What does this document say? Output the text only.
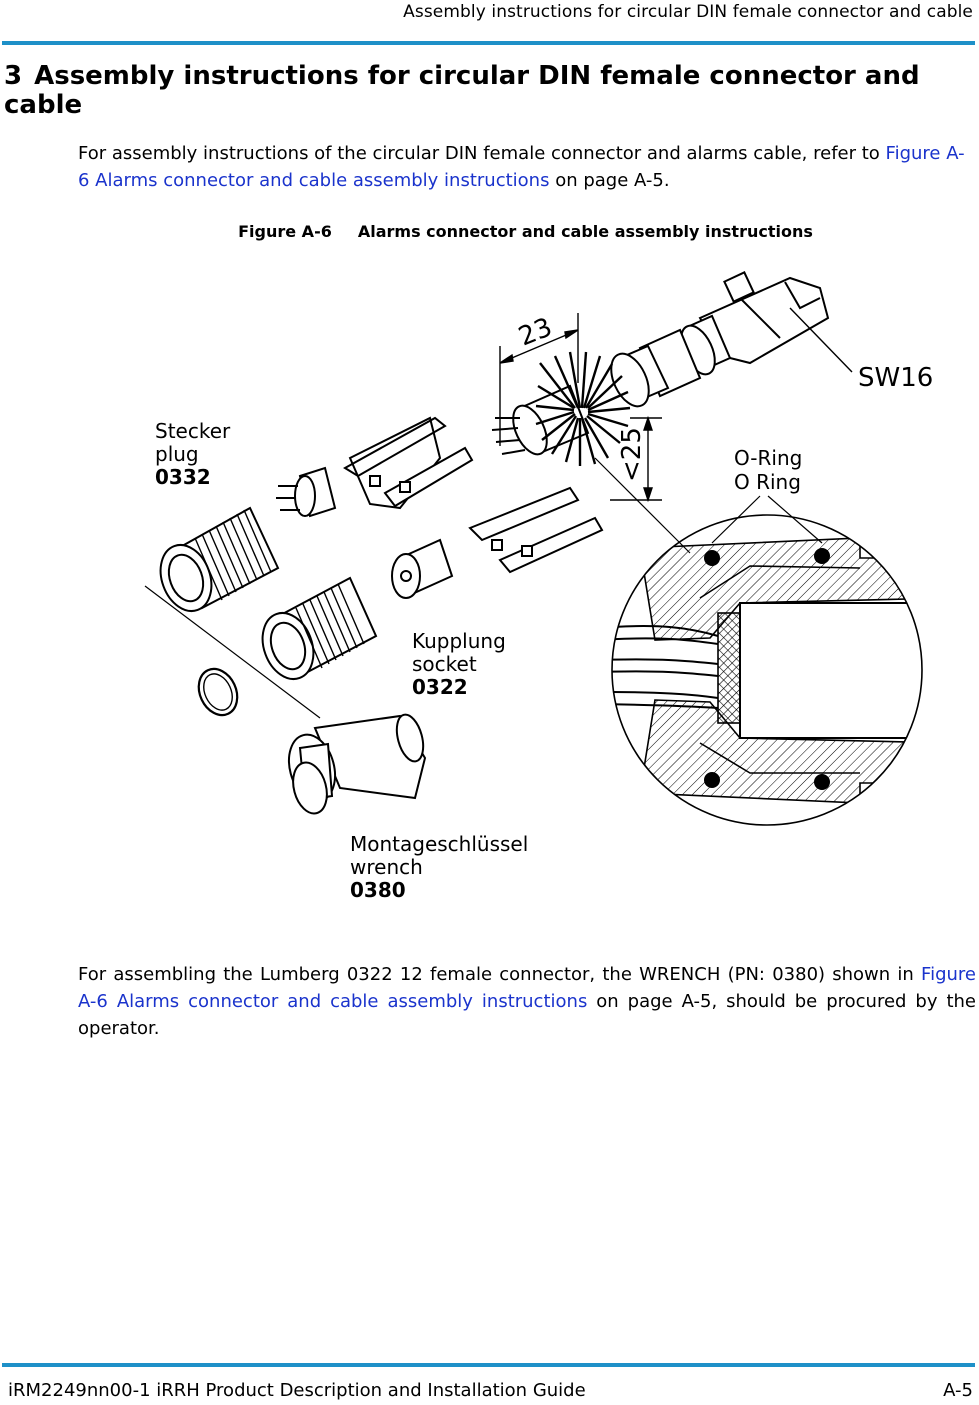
Assembly instructions for circular DIN female connector and cable
3 Assembly instructions for circular DIN female connector and cable

For assembly instructions of the circular DIN female connector and alarms cable, refer to Figure A-6 Alarms connector and cable assembly instructions on page A-5.

Figure A-6 Alarms connector and cable assembly instructions
23
<25
SW16
O-Ring
O Ring
Stecker
plug
0332
Kupplung
socket
0322
Montageschlüssel
wrench
0380

For assembling the Lumberg 0322 12 female connector, the WRENCH (PN: 0380) shown in Figure A-6 Alarms connector and cable assembly instructions on page A-5, should be procured by the operator.

iRM2249nn00-1 iRRH Product Description and Installation Guide	A-5
